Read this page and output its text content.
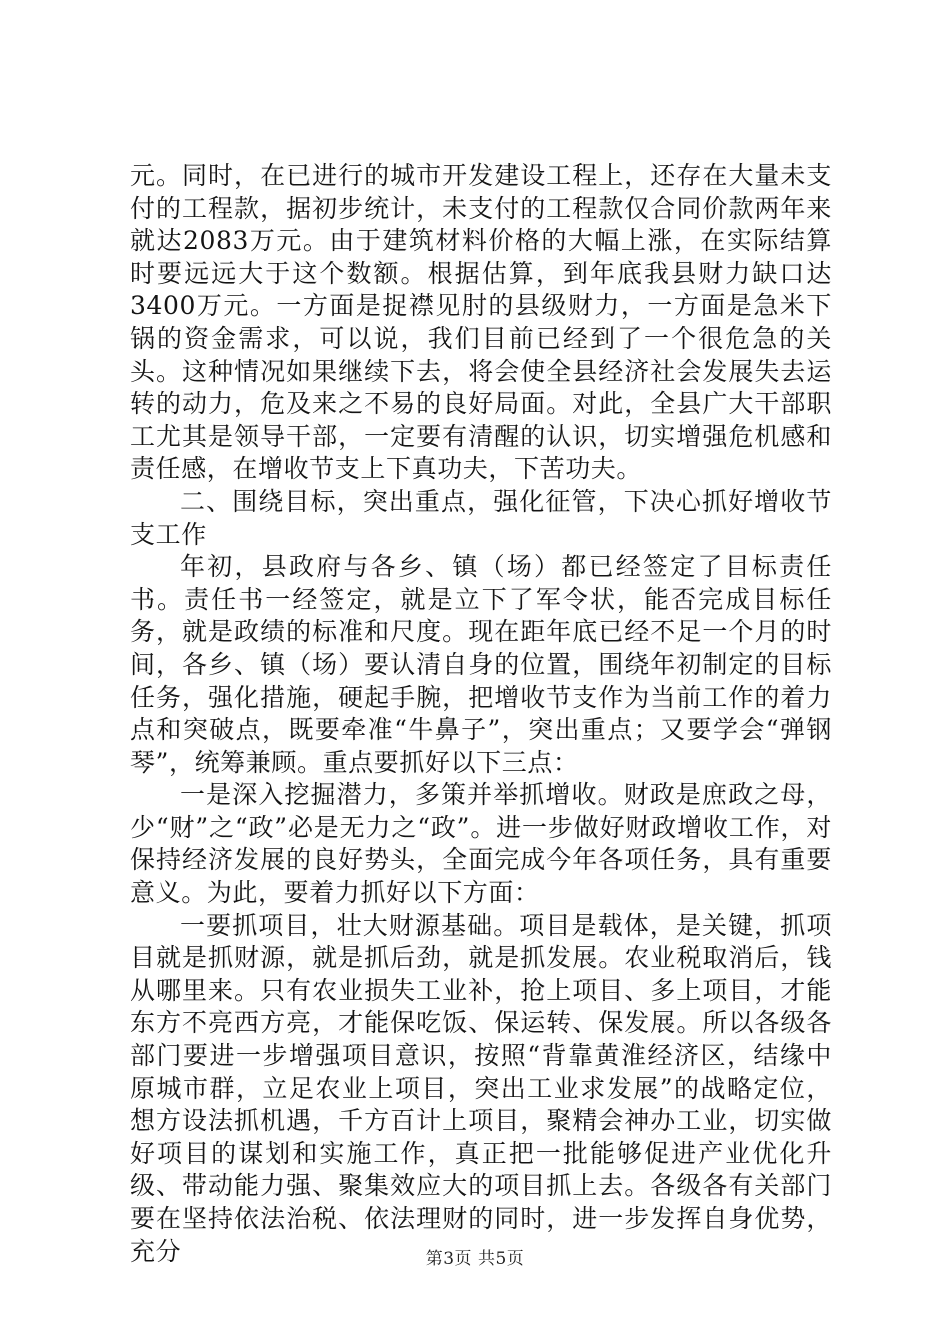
元。同时，在已进行的城市开发建设工程上，还存在大量未支付的工程款，据初步统计，未支付的工程款仅合同价款两年来就达2083万元。由于建筑材料价格的大幅上涨，在实际结算时要远远大于这个数额。根据估算，到年底我县财力缺口达3400万元。一方面是捉襟见肘的县级财力，一方面是急米下锅的资金需求，可以说，我们目前已经到了一个很危急的关头。这种情况如果继续下去，将会使全县经济社会发展失去运转的动力，危及来之不易的良好局面。对此，全县广大干部职工尤其是领导干部，一定要有清醒的认识，切实增强危机感和责任感，在增收节支上下真功夫，下苦功夫。

二、围绕目标，突出重点，强化征管，下决心抓好增收节支工作

年初，县政府与各乡、镇（场）都已经签定了目标责任书。责任书一经签定，就是立下了军令状，能否完成目标任务，就是政绩的标准和尺度。现在距年底已经不足一个月的时间，各乡、镇（场）要认清自身的位置，围绕年初制定的目标任务，强化措施，硬起手腕，把增收节支作为当前工作的着力点和突破点，既要牵准“牛鼻子”，突出重点；又要学会“弹钢琴”，统筹兼顾。重点要抓好以下三点：

一是深入挖掘潜力，多策并举抓增收。财政是庶政之母，少“财”之“政”必是无力之“政”。进一步做好财政增收工作，对保持经济发展的良好势头，全面完成今年各项任务，具有重要意义。为此，要着力抓好以下方面：

一要抓项目，壮大财源基础。项目是载体，是关键，抓项目就是抓财源，就是抓后劲，就是抓发展。农业税取消后，钱从哪里来。只有农业损失工业补，抢上项目、多上项目，才能东方不亮西方亮，才能保吃饭、保运转、保发展。所以各级各部门要进一步增强项目意识，按照“背靠黄淮经济区，结缘中原城市群，立足农业上项目，突出工业求发展”的战略定位，想方设法抓机遇，千方百计上项目，聚精会神办工业，切实做好项目的谋划和实施工作，真正把一批能够促进产业优化升级、带动能力强、聚集效应大的项目抓上去。各级各有关部门要在坚持依法治税、依法理财的同时，进一步发挥自身优势，充分	第3页 共5页
